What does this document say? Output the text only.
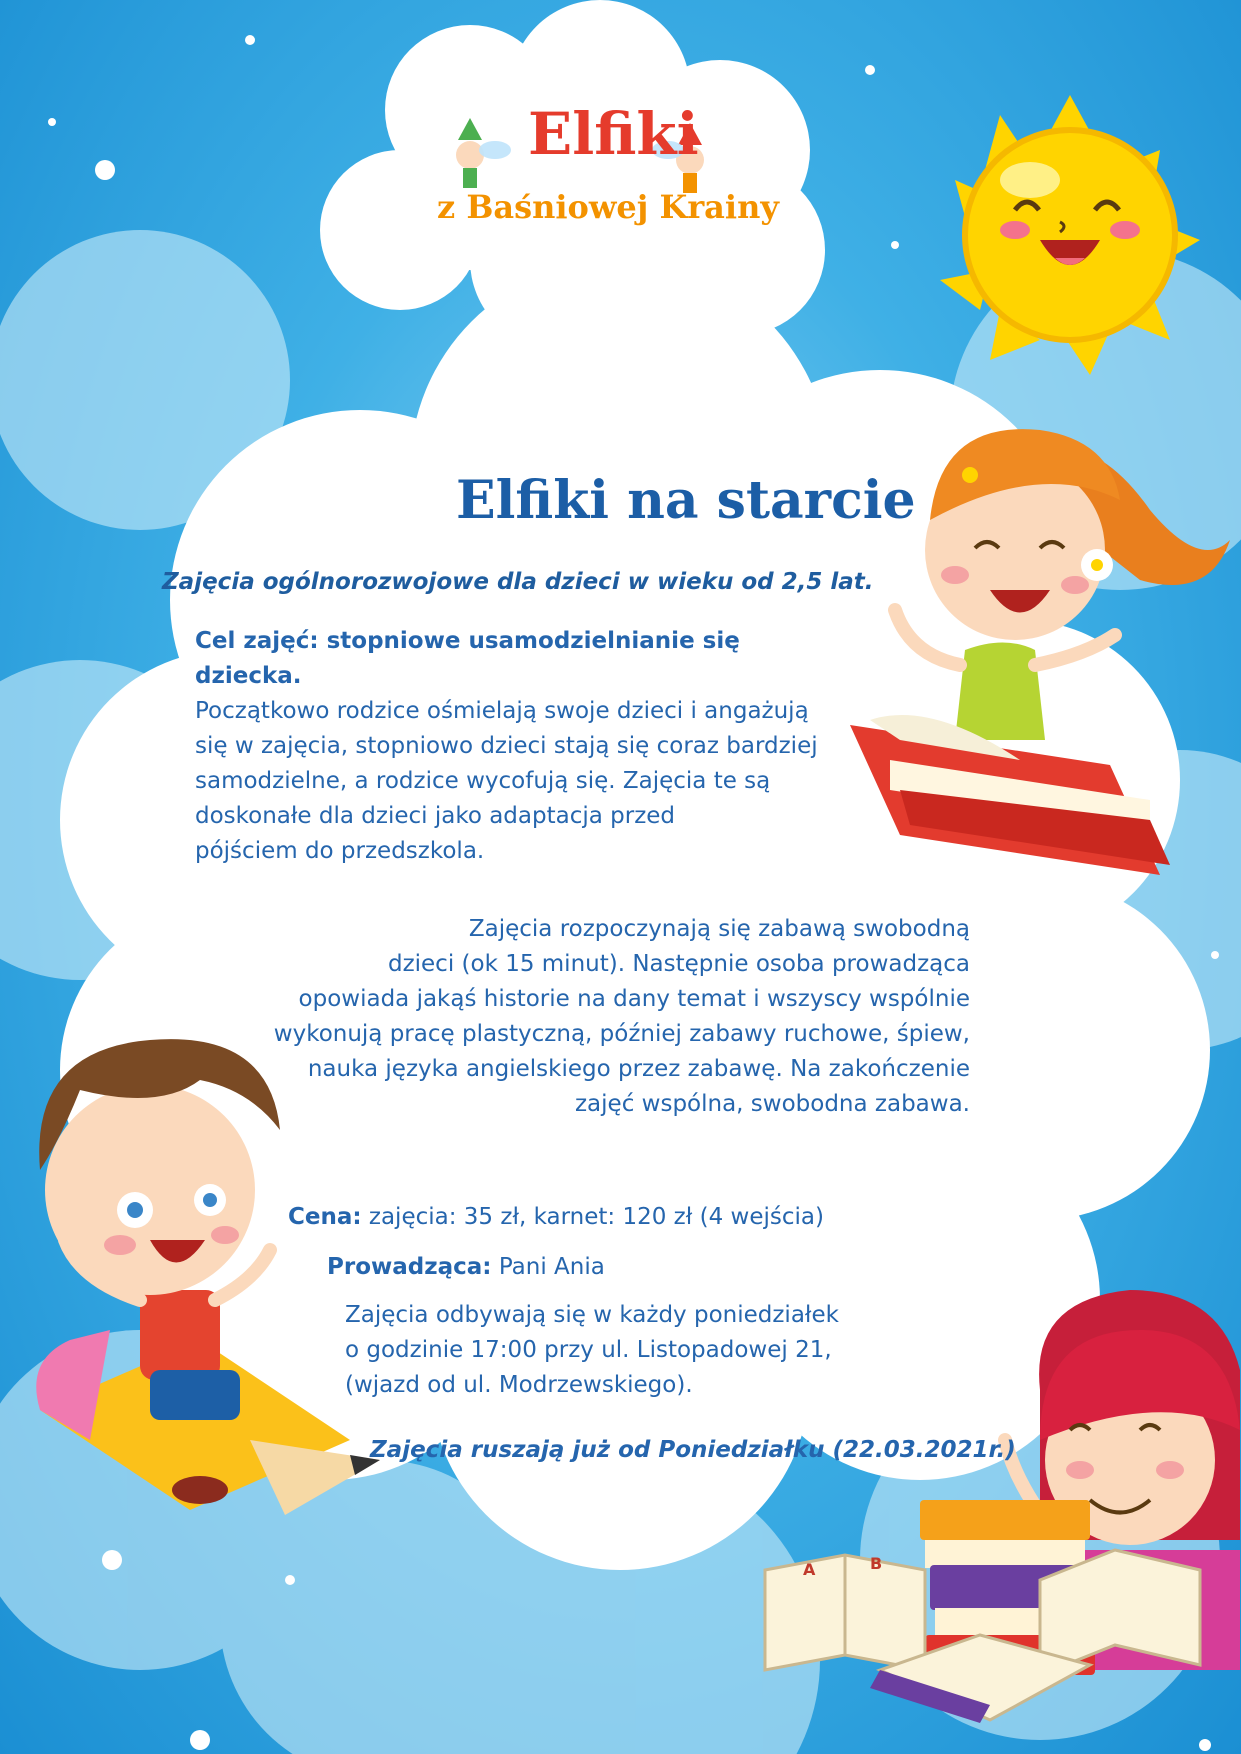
Elfiki
z Baśniowej Krainy
A	B
Elfiki na starcie
Zajęcia ogólnorozwojowe dla dzieci w wieku od 2,5 lat.
Cel zajęć: stopniowe usamodzielnianie się dziecka.
Początkowo rodzice ośmielają swoje dzieci i angażują
się w zajęcia, stopniowo dzieci stają się coraz bardziej
samodzielne, a rodzice wycofują się. Zajęcia te są
doskonałe dla dzieci jako adaptacja przed
pójściem do przedszkola.
Zajęcia rozpoczynają się zabawą swobodną
dzieci (ok 15 minut). Następnie osoba prowadząca
opowiada jakąś historie na dany temat i wszyscy wspólnie
wykonują pracę plastyczną, później zabawy ruchowe, śpiew,
nauka języka angielskiego przez zabawę. Na zakończenie
zajęć wspólna, swobodna zabawa.
Cena: zajęcia: 35 zł, karnet: 120 zł (4 wejścia)
Prowadząca: Pani Ania
Zajęcia odbywają się w każdy poniedziałek
o godzinie 17:00 przy ul. Listopadowej 21,
(wjazd od ul. Modrzewskiego).
Zajęcia ruszają już od Poniedziałku (22.03.2021r.)
